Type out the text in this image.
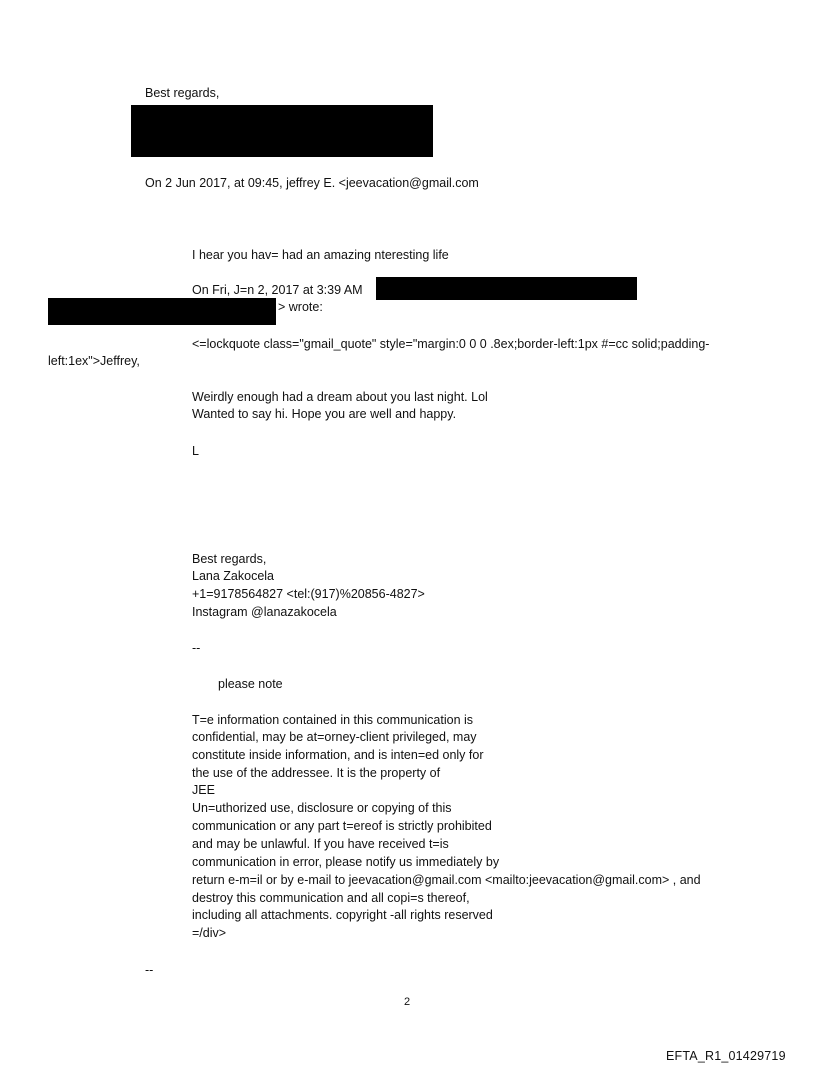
Best regards,
On 2 Jun 2017, at 09:45, jeffrey E. <jeevacation@gmail.com
I hear you hav= had an amazing nteresting life
On Fri, J=n 2, 2017 at 3:39 AM
> wrote:
<=lockquote class="gmail_quote" style="margin:0 0 0 .8ex;border-left:1px #=cc solid;padding-
left:1ex">Jeffrey,
Weirdly enough had a dream about you last night. Lol
Wanted to say hi. Hope you are well and happy.
L
Best regards,
Lana Zakocela
+1=9178564827 <tel:(917)%20856-4827>
Instagram @lanazakocela
--
please note
T=e information contained in this communication is
confidential, may be at=orney-client privileged, may
constitute inside information, and is inten=ed only for
the use of the addressee. It is the property of
JEE
Un=uthorized use, disclosure or copying of this
communication or any part t=ereof is strictly prohibited
and may be unlawful. If you have received t=is
communication in error, please notify us immediately by
return e-m=il or by e-mail to jeevacation@gmail.com <mailto:jeevacation@gmail.com> , and
destroy this communication and all copi=s thereof,
including all attachments. copyright -all rights reserved
=/div>
--
2
EFTA_R1_01429719
